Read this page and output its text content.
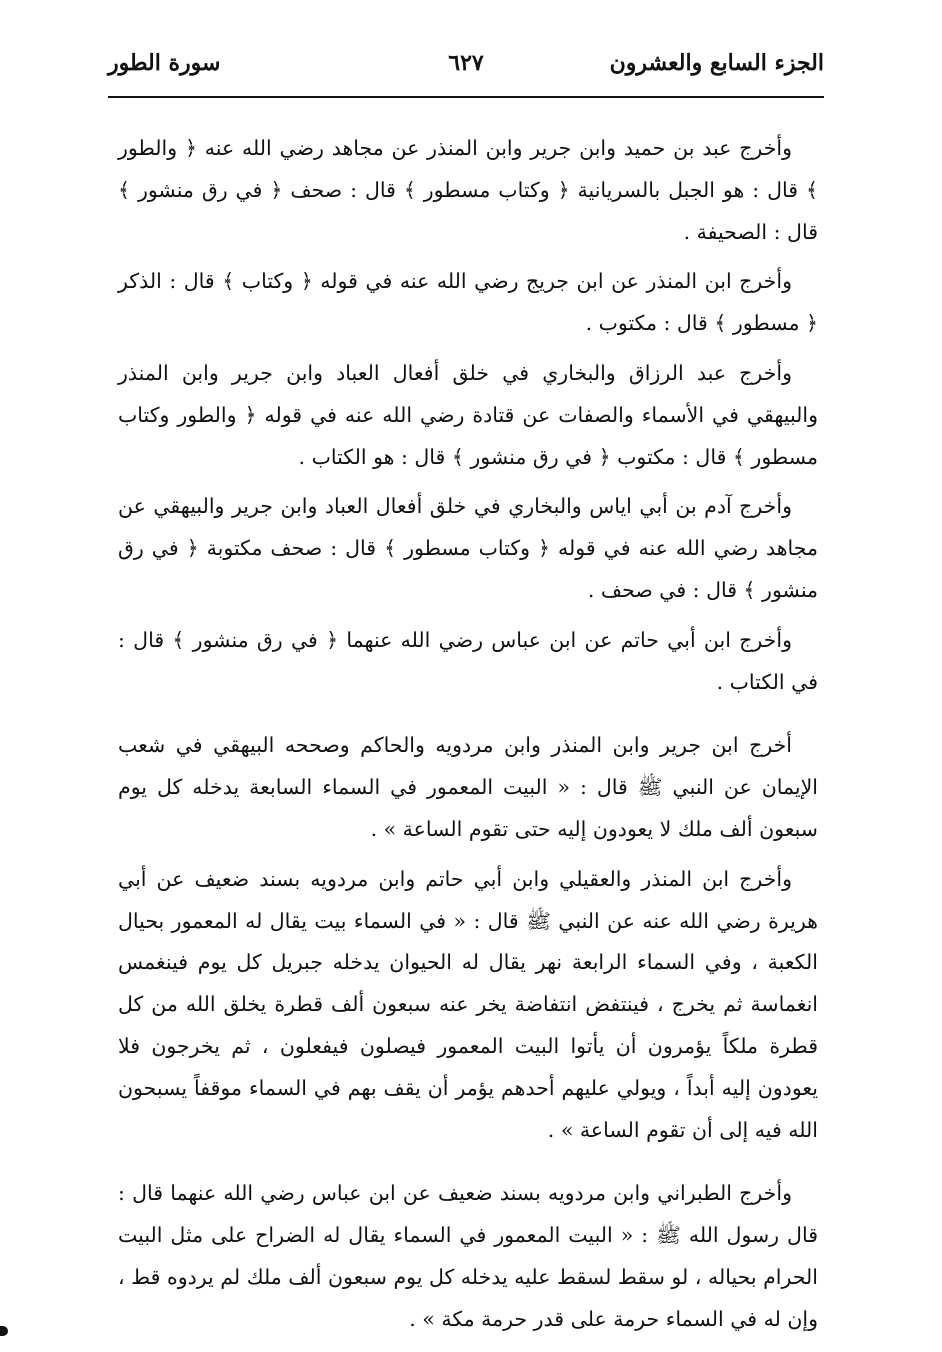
الجزء السابع والعشرون
٦٢٧
سورة الطور

وأخرج عبد بن حميد وابن جرير وابن المنذر عن مجاهد رضي الله عنه ﴿ والطور ﴾ قال : هو الجبل بالسريانية ﴿ وكتاب مسطور ﴾ قال : صحف ﴿ في رق منشور ﴾ قال : الصحيفة .

وأخرج ابن المنذر عن ابن جريج رضي الله عنه في قوله ﴿ وكتاب ﴾ قال : الذكر ﴿ مسطور ﴾ قال : مكتوب .

وأخرج عبد الرزاق والبخاري في خلق أفعال العباد وابن جرير وابن المنذر والبيهقي في الأسماء والصفات عن قتادة رضي الله عنه في قوله ﴿ والطور وكتاب مسطور ﴾ قال : مكتوب ﴿ في رق منشور ﴾ قال : هو الكتاب .

وأخرج آدم بن أبي اياس والبخاري في خلق أفعال العباد وابن جرير والبيهقي عن مجاهد رضي الله عنه في قوله ﴿ وكتاب مسطور ﴾ قال : صحف مكتوبة ﴿ في رق منشور ﴾ قال : في صحف .

وأخرج ابن أبي حاتم عن ابن عباس رضي الله عنهما ﴿ في رق منشور ﴾ قال : في الكتاب .

أخرج ابن جرير وابن المنذر وابن مردويه والحاكم وصححه البيهقي في شعب الإيمان عن النبي ﷺ قال : « البيت المعمور في السماء السابعة يدخله كل يوم سبعون ألف ملك لا يعودون إليه حتى تقوم الساعة » .

وأخرج ابن المنذر والعقيلي وابن أبي حاتم وابن مردويه بسند ضعيف عن أبي هريرة رضي الله عنه عن النبي ﷺ قال : « في السماء بيت يقال له المعمور بحيال الكعبة ، وفي السماء الرابعة نهر يقال له الحيوان يدخله جبريل كل يوم فينغمس انغماسة ثم يخرج ، فينتفض انتفاضة يخر عنه سبعون ألف قطرة يخلق الله من كل قطرة ملكاً يؤمرون أن يأتوا البيت المعمور فيصلون فيفعلون ، ثم يخرجون فلا يعودون إليه أبداً ، ويولي عليهم أحدهم يؤمر أن يقف بهم في السماء موقفاً يسبحون الله فيه إلى أن تقوم الساعة » .

وأخرج الطبراني وابن مردويه بسند ضعيف عن ابن عباس رضي الله عنهما قال : قال رسول الله ﷺ : « البيت المعمور في السماء يقال له الضراح على مثل البيت الحرام بحياله ، لو سقط لسقط عليه يدخله كل يوم سبعون ألف ملك لم يردوه قط ، وإن له في السماء حرمة على قدر حرمة مكة » .
